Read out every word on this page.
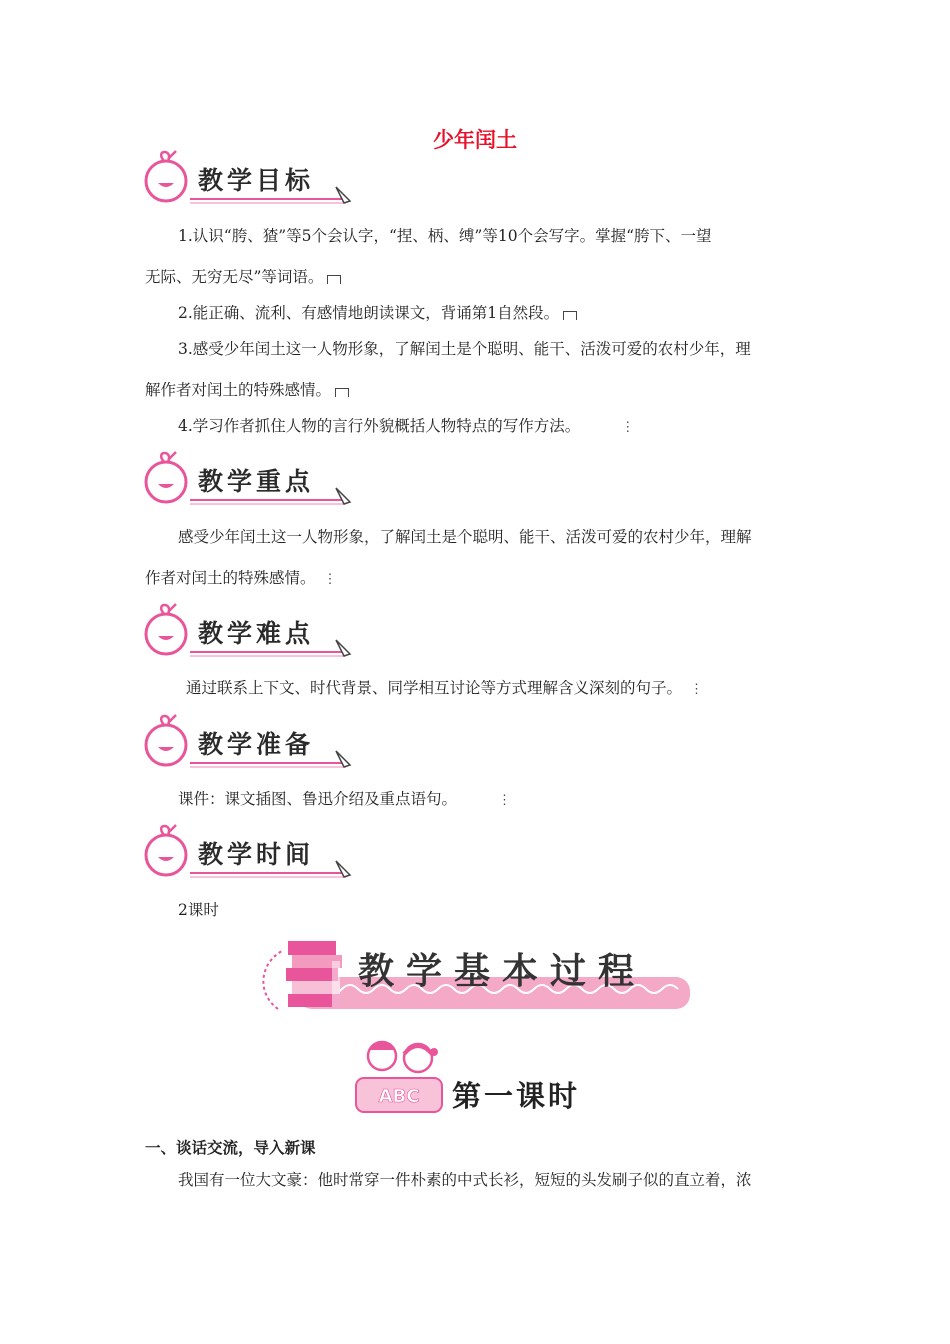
少年闰土
教学目标
1.认识“胯、猹”等5个会认字，“捏、柄、缚”等10个会写字。掌握“胯下、一望
无际、无穷无尽”等词语。
2.能正确、流利、有感情地朗读课文，背诵第1自然段。
3.感受少年闰土这一人物形象，了解闰土是个聪明、能干、活泼可爱的农村少年，理
解作者对闰土的特殊感情。
4.学习作者抓住人物的言行外貌概括人物特点的写作方法。	⋮
教学重点
感受少年闰土这一人物形象，了解闰土是个聪明、能干、活泼可爱的农村少年，理解
作者对闰土的特殊感情。 ⋮
教学难点
通过联系上下文、时代背景、同学相互讨论等方式理解含义深刻的句子。 ⋮
教学准备
课件：课文插图、鲁迅介绍及重点语句。	⋮
教学时间
2课时
教学基本过程
ABC 第一课时
一、谈话交流，导入新课
我国有一位大文豪：他时常穿一件朴素的中式长衫，短短的头发刷子似的直立着，浓
